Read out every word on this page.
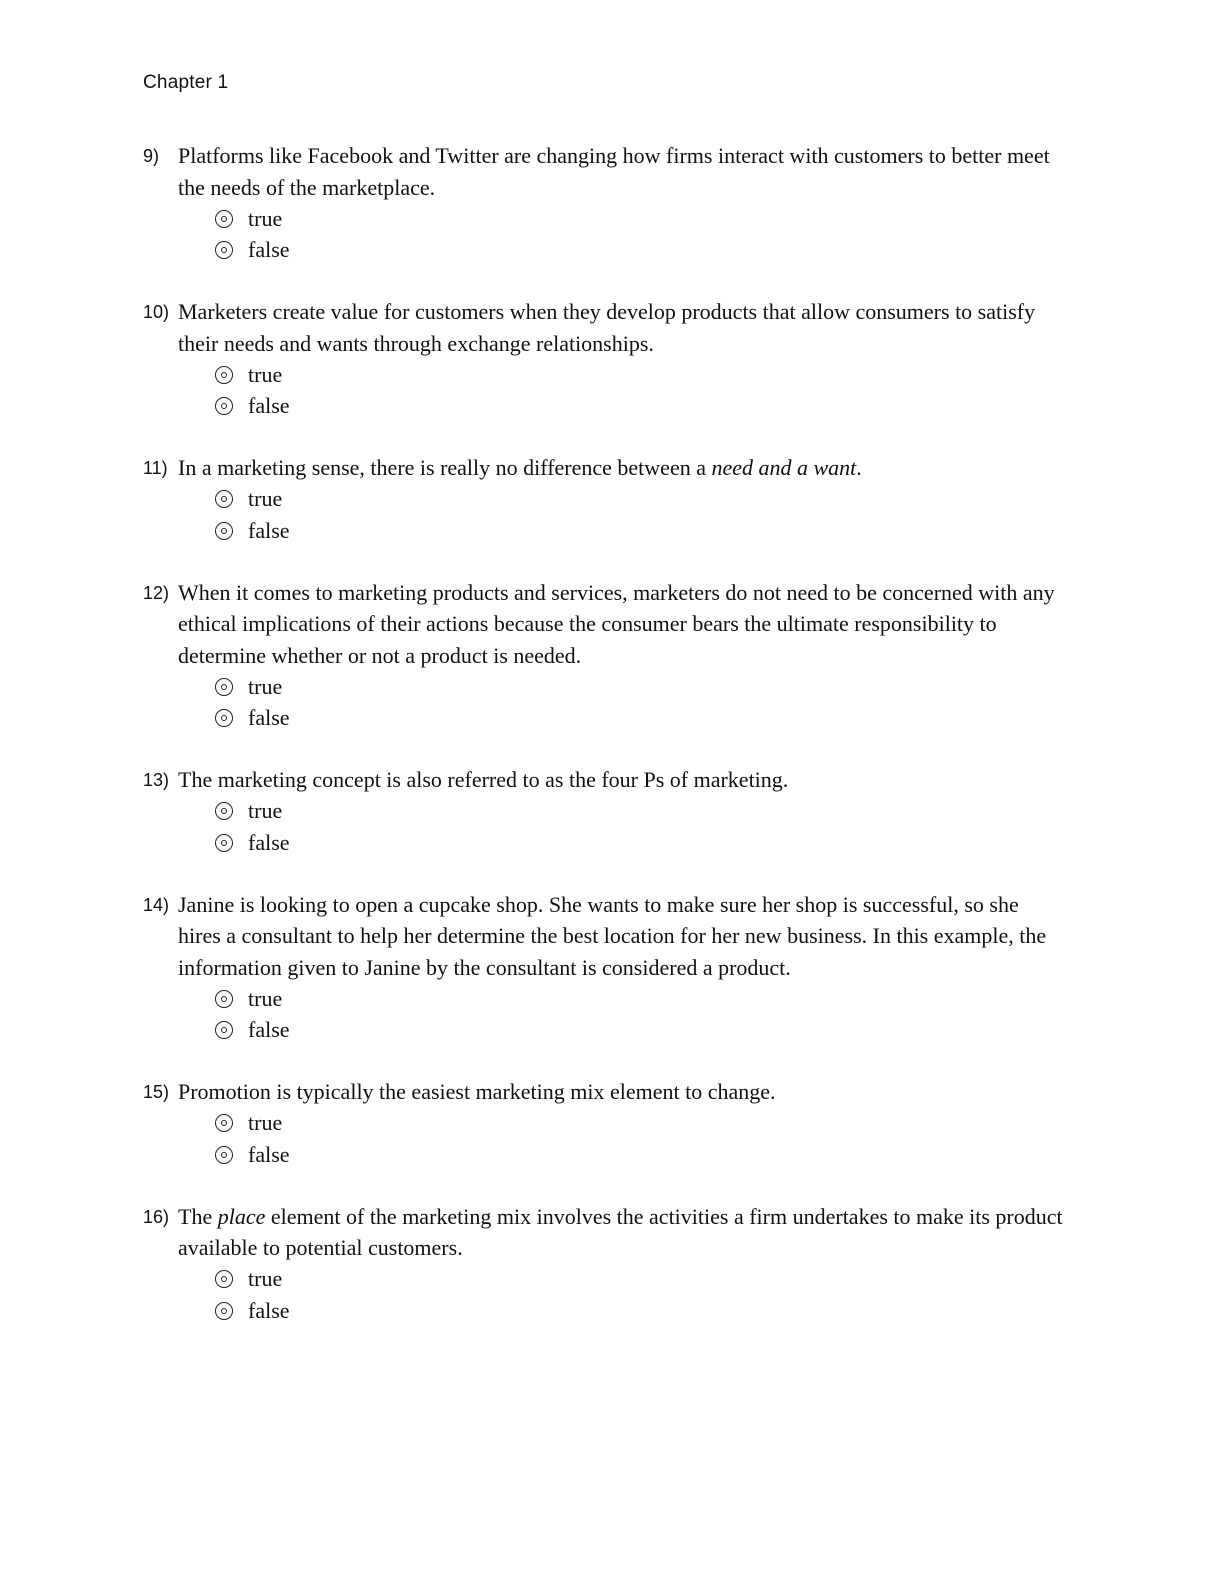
Chapter 1
9) Platforms like Facebook and Twitter are changing how firms interact with customers to better meet the needs of the marketplace.
true
false
10) Marketers create value for customers when they develop products that allow consumers to satisfy their needs and wants through exchange relationships.
true
false
11) In a marketing sense, there is really no difference between a need and a want.
true
false
12) When it comes to marketing products and services, marketers do not need to be concerned with any ethical implications of their actions because the consumer bears the ultimate responsibility to determine whether or not a product is needed.
true
false
13) The marketing concept is also referred to as the four Ps of marketing.
true
false
14) Janine is looking to open a cupcake shop. She wants to make sure her shop is successful, so she hires a consultant to help her determine the best location for her new business. In this example, the information given to Janine by the consultant is considered a product.
true
false
15) Promotion is typically the easiest marketing mix element to change.
true
false
16) The place element of the marketing mix involves the activities a firm undertakes to make its product available to potential customers.
true
false
